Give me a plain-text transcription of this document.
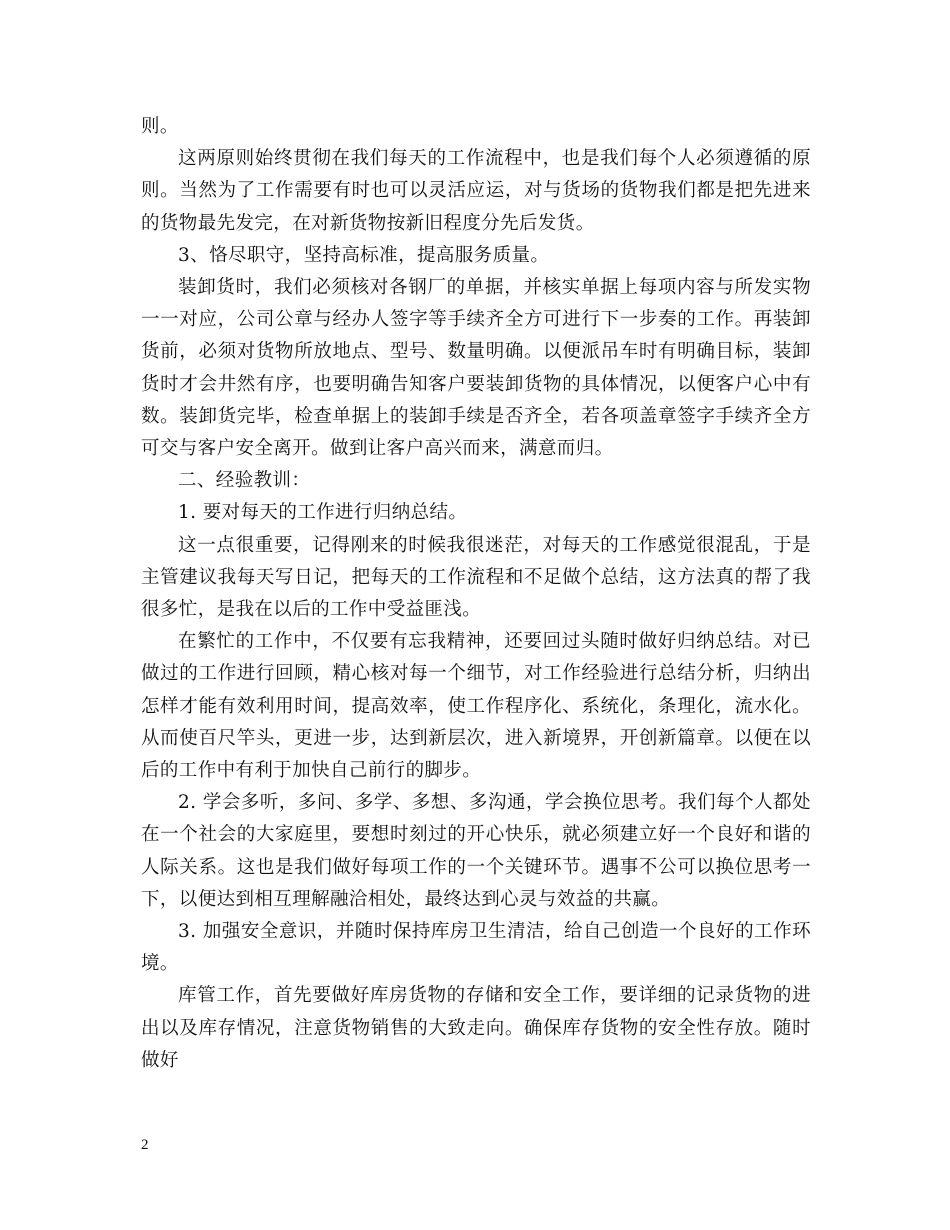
则。

这两原则始终贯彻在我们每天的工作流程中，也是我们每个人必须遵循的原则。当然为了工作需要有时也可以灵活应运，对与货场的货物我们都是把先进来的货物最先发完，在对新货物按新旧程度分先后发货。

3、恪尽职守，坚持高标准，提高服务质量。

装卸货时，我们必须核对各钢厂的单据，并核实单据上每项内容与所发实物一一对应，公司公章与经办人签字等手续齐全方可进行下一步奏的工作。再装卸货前，必须对货物所放地点、型号、数量明确。以便派吊车时有明确目标，装卸货时才会井然有序，也要明确告知客户要装卸货物的具体情况，以便客户心中有数。装卸货完毕，检查单据上的装卸手续是否齐全，若各项盖章签字手续齐全方可交与客户安全离开。做到让客户高兴而来，满意而归。

二、经验教训：

1. 要对每天的工作进行归纳总结。

这一点很重要，记得刚来的时候我很迷茫，对每天的工作感觉很混乱，于是主管建议我每天写日记，把每天的工作流程和不足做个总结，这方法真的帮了我很多忙，是我在以后的工作中受益匪浅。

在繁忙的工作中，不仅要有忘我精神，还要回过头随时做好归纳总结。对已做过的工作进行回顾，精心核对每一个细节，对工作经验进行总结分析，归纳出怎样才能有效利用时间，提高效率，使工作程序化、系统化，条理化，流水化。从而使百尺竿头，更进一步，达到新层次，进入新境界，开创新篇章。以便在以后的工作中有利于加快自己前行的脚步。

2. 学会多听，多问、多学、多想、多沟通，学会换位思考。我们每个人都处在一个社会的大家庭里，要想时刻过的开心快乐，就必须建立好一个良好和谐的人际关系。这也是我们做好每项工作的一个关键环节。遇事不公可以换位思考一下，以便达到相互理解融洽相处，最终达到心灵与效益的共赢。

3. 加强安全意识，并随时保持库房卫生清洁，给自己创造一个良好的工作环境。

库管工作，首先要做好库房货物的存储和安全工作，要详细的记录货物的进出以及库存情况，注意货物销售的大致走向。确保库存货物的安全性存放。随时做好

2
